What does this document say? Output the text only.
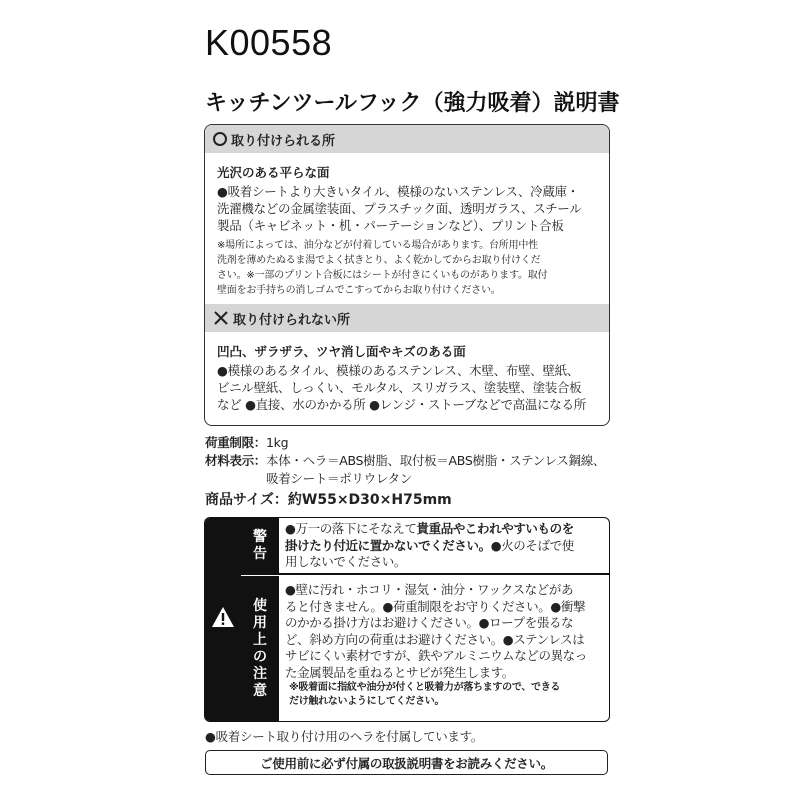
K00558
キッチンツールフック（強力吸着）説明書
取り付けられる所
光沢のある平らな面
●吸着シートより大きいタイル、模様のないステンレス、冷蔵庫・
洗濯機などの金属塗装面、プラスチック面、透明ガラス、スチール
製品（キャビネット・机・パーテーションなど）、プリント合板
※場所によっては、油分などが付着している場合があります。台所用中性
洗剤を薄めたぬるま湯でよく拭きとり、よく乾かしてからお取り付けくだ
さい。※一部のプリント合板にはシートが付きにくいものがあります。取付
壁面をお手持ちの消しゴムでこすってからお取り付けください。
取り付けられない所
凹凸、ザラザラ、ツヤ消し面やキズのある面
●模様のあるタイル、模様のあるステンレス、木壁、布壁、壁紙、
ビニル壁紙、しっくい、モルタル、スリガラス、塗装壁、塗装合板
など ●直接、水のかかる所 ●レンジ・ストーブなどで高温になる所
荷重制限： 1kg
材料表示： 本体・ヘラ＝ABS樹脂、取付板＝ABS樹脂・ステンレス鋼線、
吸着シート＝ポリウレタン
商品サイズ：約W55×D30×H75mm
警
告
使
用
上
の
注
意
●万一の落下にそなえて貴重品やこわれやすいものを
掛けたり付近に置かないでください。●火のそばで使
用しないでください。
●壁に汚れ・ホコリ・湿気・油分・ワックスなどがあ
ると付きません。●荷重制限をお守りください。●衝撃
のかかる掛け方はお避けください。●ロープを張るな
ど、斜め方向の荷重はお避けください。●ステンレスは
サビにくい素材ですが、鉄やアルミニウムなどの異なっ
た金属製品を重ねるとサビが発生します。
※吸着面に指紋や油分が付くと吸着力が落ちますので、できる
だけ触れないようにしてください。
●吸着シート取り付け用のヘラを付属しています。
ご使用前に必ず付属の取扱説明書をお読みください。
